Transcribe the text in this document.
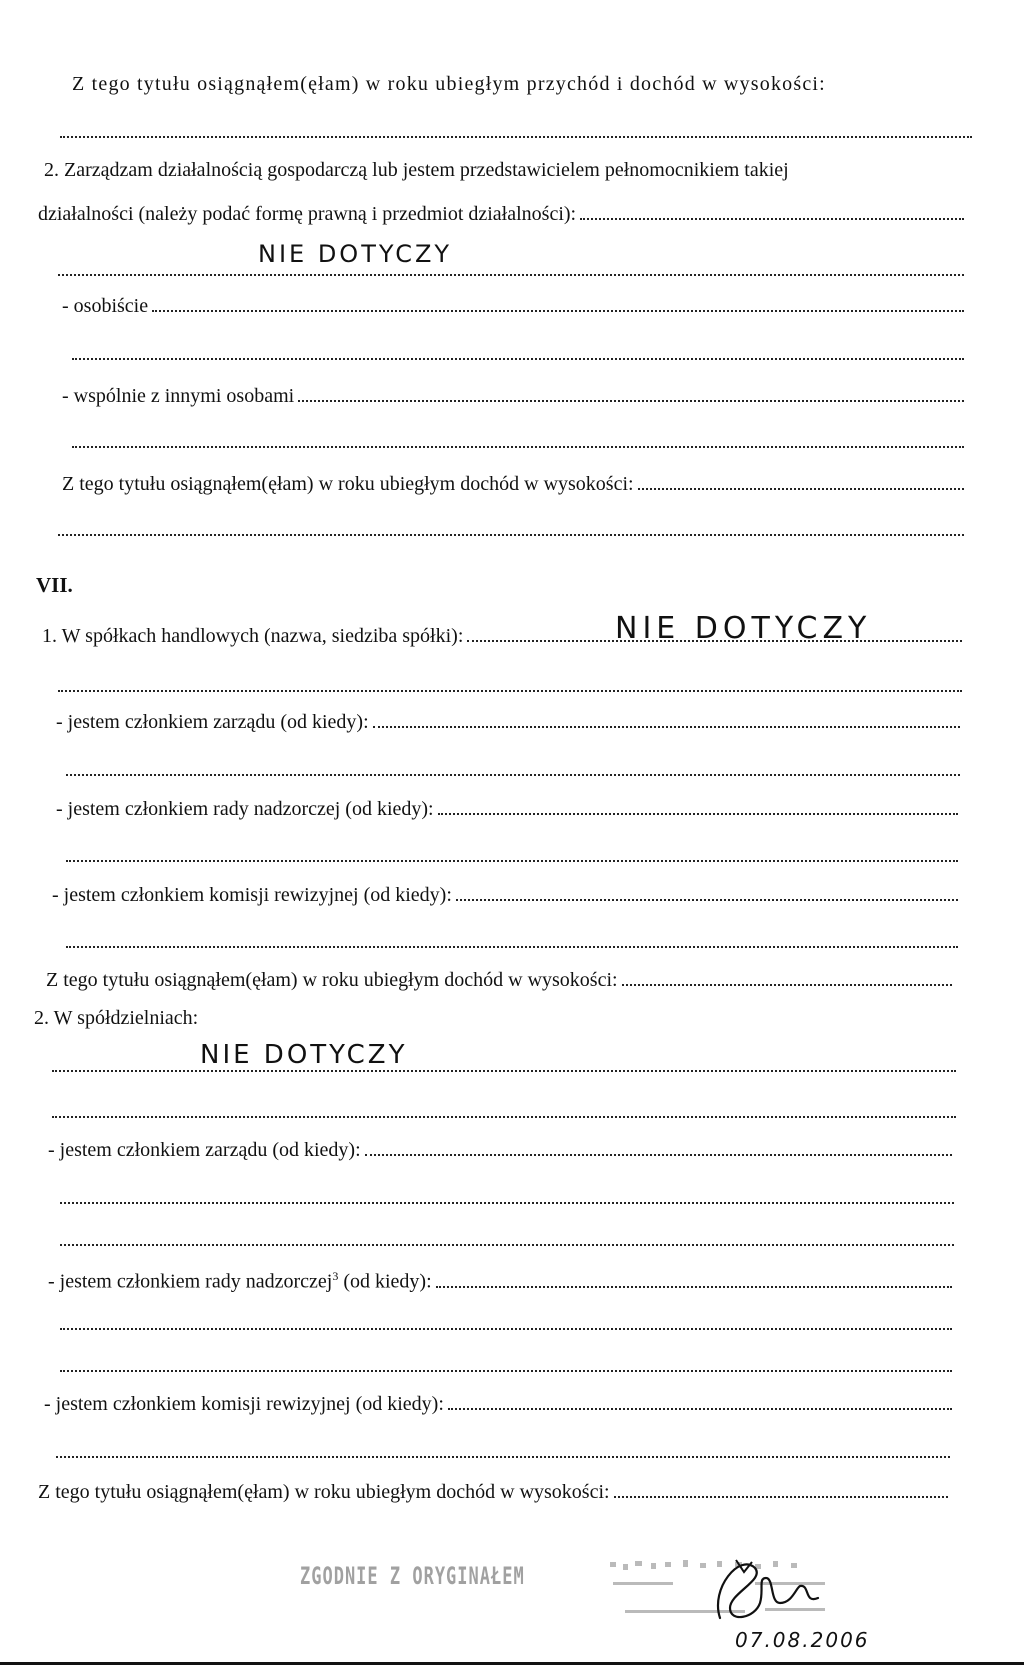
Z tego tytułu osiągnąłem(ęłam) w roku ubiegłym przychód i dochód w wysokości:
2. Zarządzam działalnością gospodarczą lub jestem przedstawicielem pełnomocnikiem takiej
działalności (należy podać formę prawną i przedmiot działalności):
NIE DOTYCZY
- osobiście
- wspólnie z innymi osobami
Z tego tytułu osiągnąłem(ęłam) w roku ubiegłym dochód w wysokości:
VII.
1. W spółkach handlowych (nazwa, siedziba spółki):	NIE DOTYCZY
- jestem członkiem zarządu (od kiedy):
- jestem członkiem rady nadzorczej (od kiedy):
- jestem członkiem komisji rewizyjnej (od kiedy):
Z tego tytułu osiągnąłem(ęłam) w roku ubiegłym dochód w wysokości:
2. W spółdzielniach:
NIE DOTYCZY
- jestem członkiem zarządu (od kiedy):
- jestem członkiem rady nadzorczej$^3$ (od kiedy):
- jestem członkiem komisji rewizyjnej (od kiedy):
Z tego tytułu osiągnąłem(ęłam) w roku ubiegłym dochód w wysokości:
ZGODNIE Z ORYGINAŁEM
07.08.2006
